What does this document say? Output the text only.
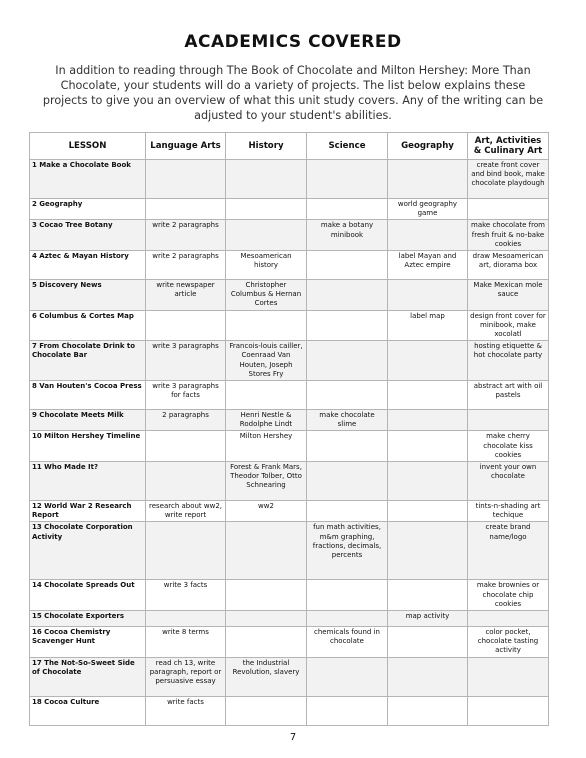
ACADEMICS COVERED
In addition to reading through The Book of Chocolate and Milton Hershey: More Than Chocolate, your students will do a variety of projects. The list below explains these projects to give you an overview of what this unit study covers. Any of the writing can be adjusted to your student's abilities.
LESSON	Language Arts	History	Science	Geography	Art, Activities & Culinary Art
1 Make a Chocolate Book					create front cover and bind book, make chocolate playdough
2 Geography				world geography game	
3 Cocao Tree Botany	write 2 paragraphs		make a botany minibook		make chocolate from fresh fruit & no-bake cookies
4 Aztec & Mayan History	write 2 paragraphs	Mesoamerican history		label Mayan and Aztec empire	draw Mesoamerican art, diorama box
5 Discovery News	write newspaper article	Christopher Columbus & Hernan Cortes			Make Mexican mole sauce
6 Columbus & Cortes Map				label map	design front cover for minibook, make xocolatl
7 From Chocolate Drink to Chocolate Bar	write 3 paragraphs	Francois-louis cailler, Coenraad Van Houten, Joseph Stores Fry			hosting etiquette & hot chocolate party
8 Van Houten's Cocoa Press	write 3 paragraphs for facts				abstract art with oil pastels
9 Chocolate Meets Milk	2 paragraphs	Henri Nestle & Rodolphe Lindt	make chocolate slime		
10 Milton Hershey Timeline		Milton Hershey			make cherry chocolate kiss cookies
11 Who Made It?		Forest & Frank Mars, Theodor Tolber, Otto Schnearing			invent your own chocolate
12 World War 2 Research Report	research about ww2, write report	ww2			tints-n-shading art techique
13 Chocolate Corporation Activity			fun math activities, m&m graphing, fractions, decimals, percents		create brand name/logo
14 Chocolate Spreads Out	write 3 facts				make brownies or chocolate chip cookies
15 Chocolate Exporters				map activity	
16 Cocoa Chemistry Scavenger Hunt	write 8 terms		chemicals found in chocolate		color pocket, chocolate tasting activity
17 The Not-So-Sweet Side of Chocolate	read ch 13, write paragraph, report or persuasive essay	the Industrial Revolution, slavery			
18 Cocoa Culture	write facts				
7
